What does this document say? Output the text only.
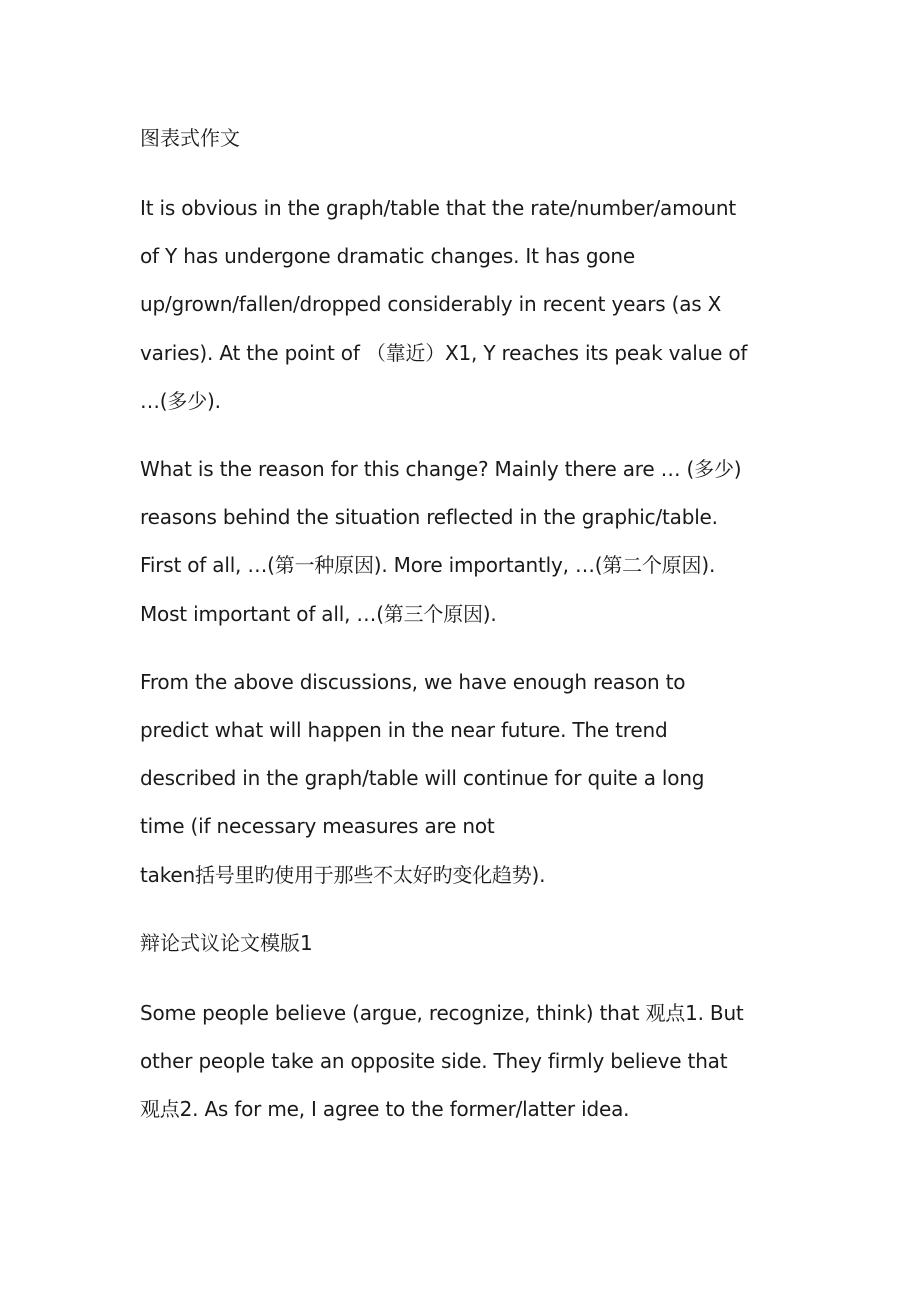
图表式作文
It is obvious in the graph/table that the rate/number/amount
of Y has undergone dramatic changes. It has gone
up/grown/fallen/dropped considerably in recent years (as X
varies). At the point of （靠近）X1, Y reaches its peak value of
…(多少).
What is the reason for this change? Mainly there are … (多少)
reasons behind the situation reflected in the graphic/table.
First of all, …(第一种原因). More importantly, …(第二个原因).
Most important of all, …(第三个原因).
From the above discussions, we have enough reason to
predict what will happen in the near future. The trend
described in the graph/table will continue for quite a long
time (if necessary measures are not
taken括号里旳使用于那些不太好旳变化趋势).
辩论式议论文模版1
Some people believe (argue, recognize, think) that 观点1. But
other people take an opposite side. They firmly believe that
观点2. As for me, I agree to the former/latter idea.
